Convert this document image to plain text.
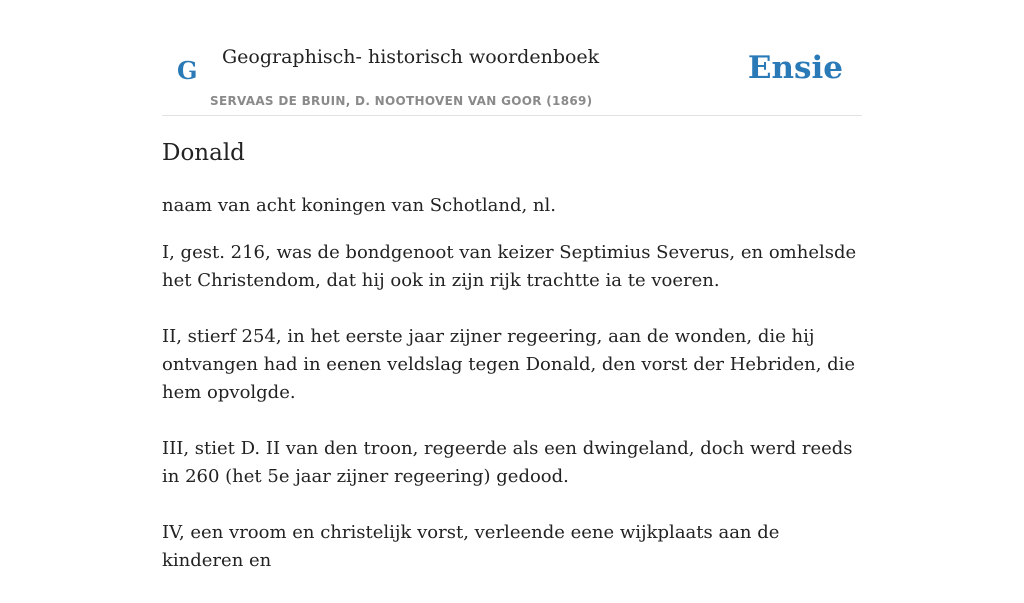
G Geographisch- historisch woordenboek
SERVAAS DE BRUIN, D. NOOTHOVEN VAN GOOR (1869)
Ensie
Donald

naam van acht koningen van Schotland, nl.

I, gest. 216, was de bondgenoot van keizer Septimius Severus, en omhelsde het Christendom, dat hij ook in zijn rijk trachtte ia te voeren.

II, stierf 254, in het eerste jaar zijner regeering, aan de wonden, die hij ontvangen had in eenen veldslag tegen Donald, den vorst der Hebriden, die hem opvolgde.

III, stiet D. II van den troon, regeerde als een dwingeland, doch werd reeds in 260 (het 5e jaar zijner regeering) gedood.

IV, een vroom en christelijk vorst, verleende eene wijkplaats aan de kinderen en
